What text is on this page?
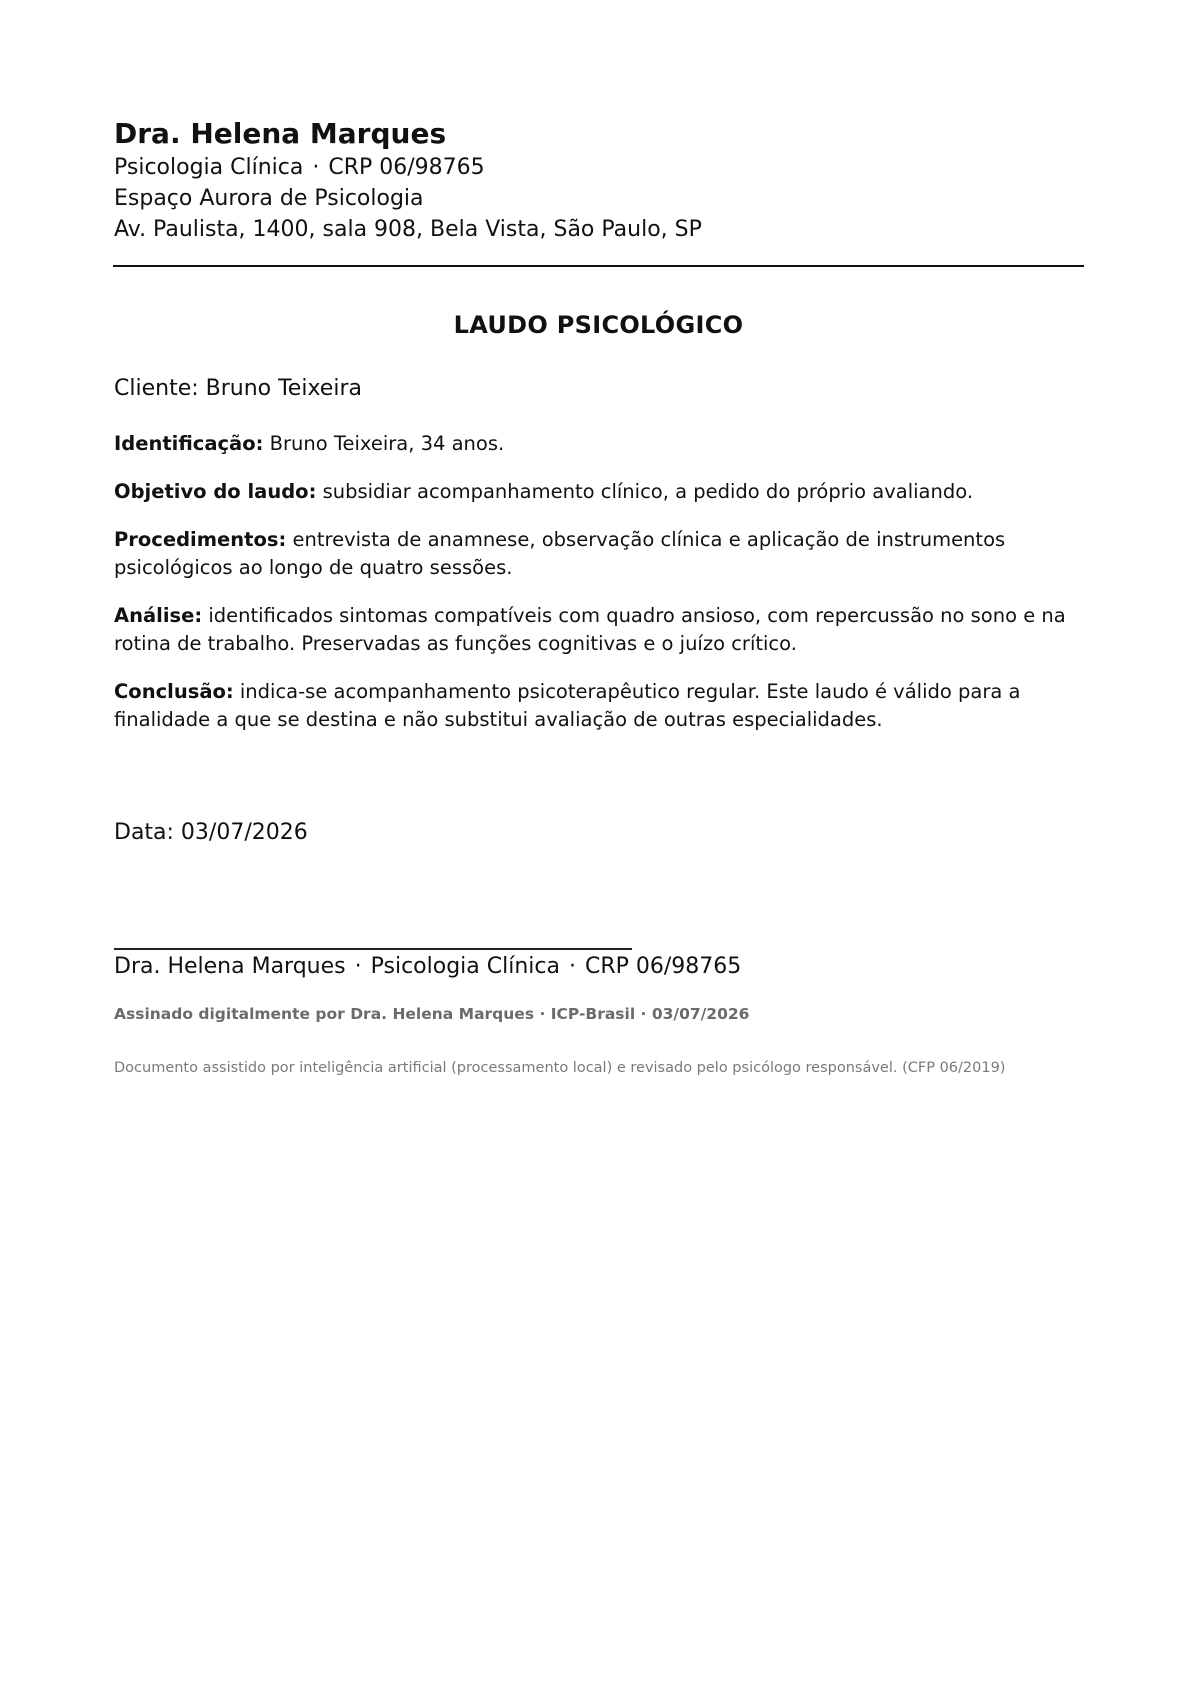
Dra. Helena Marques

Psicologia Clínica · CRP 06/98765

Espaço Aurora de Psicologia

Av. Paulista, 1400, sala 908, Bela Vista, São Paulo, SP

LAUDO PSICOLÓGICO

Cliente: Bruno Teixeira

Identificação: Bruno Teixeira, 34 anos.

Objetivo do laudo: subsidiar acompanhamento clínico, a pedido do próprio avaliando.

Procedimentos: entrevista de anamnese, observação clínica e aplicação de instrumentos psicológicos ao longo de quatro sessões.

Análise: identificados sintomas compatíveis com quadro ansioso, com repercussão no sono e na rotina de trabalho. Preservadas as funções cognitivas e o juízo crítico.

Conclusão: indica-se acompanhamento psicoterapêutico regular. Este laudo é válido para a finalidade a que se destina e não substitui avaliação de outras especialidades.

Data: 03/07/2026

Dra. Helena Marques · Psicologia Clínica · CRP 06/98765

Assinado digitalmente por Dra. Helena Marques · ICP-Brasil · 03/07/2026

Documento assistido por inteligência artificial (processamento local) e revisado pelo psicólogo responsável. (CFP 06/2019)
